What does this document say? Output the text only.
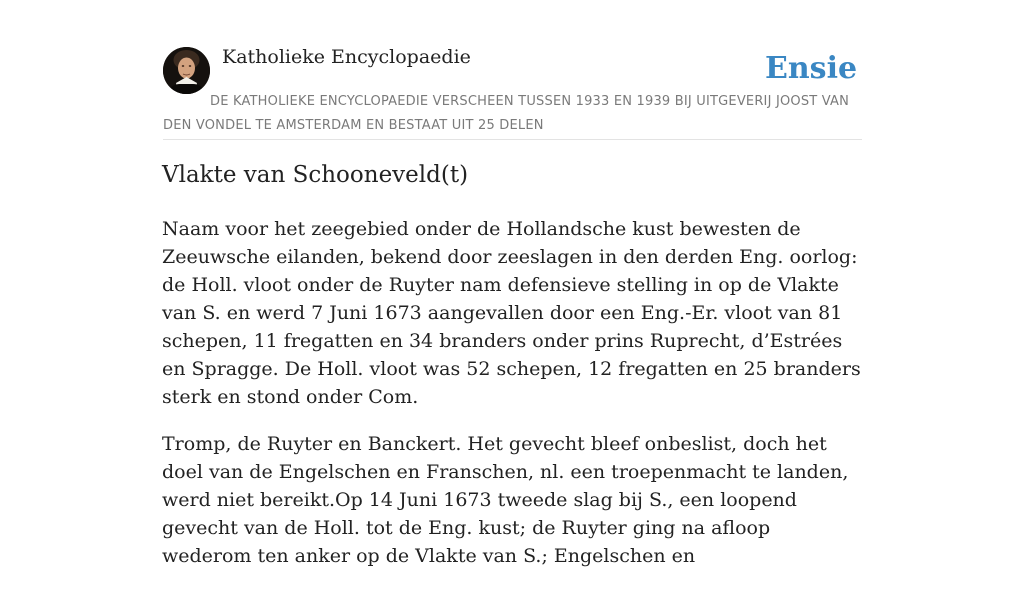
Katholieke Encyclopaedie	Ensie
DE KATHOLIEKE ENCYCLOPAEDIE VERSCHEEN TUSSEN 1933 EN 1939 BIJ UITGEVERIJ JOOST VAN DEN VONDEL TE AMSTERDAM EN BESTAAT UIT 25 DELEN
Vlakte van Schooneveld(t)

Naam voor het zeegebied onder de Hollandsche kust bewesten de Zeeuwsche eilanden, bekend door zeeslagen in den derden Eng. oorlog: de Holl. vloot onder de Ruyter nam defensieve stelling in op de Vlakte van S. en werd 7 Juni 1673 aangevallen door een Eng.-Er. vloot van 81 schepen, 11 fregatten en 34 branders onder prins Ruprecht, d’Estrées en Spragge. De Holl. vloot was 52 schepen, 12 fregatten en 25 branders sterk en stond onder Com.

Tromp, de Ruyter en Banckert. Het gevecht bleef onbeslist, doch het doel van de Engelschen en Franschen, nl. een troepenmacht te landen, werd niet bereikt.Op 14 Juni 1673 tweede slag bij S., een loopend gevecht van de Holl. tot de Eng. kust; de Ruyter ging na afloop wederom ten anker op de Vlakte van S.; Engelschen en
